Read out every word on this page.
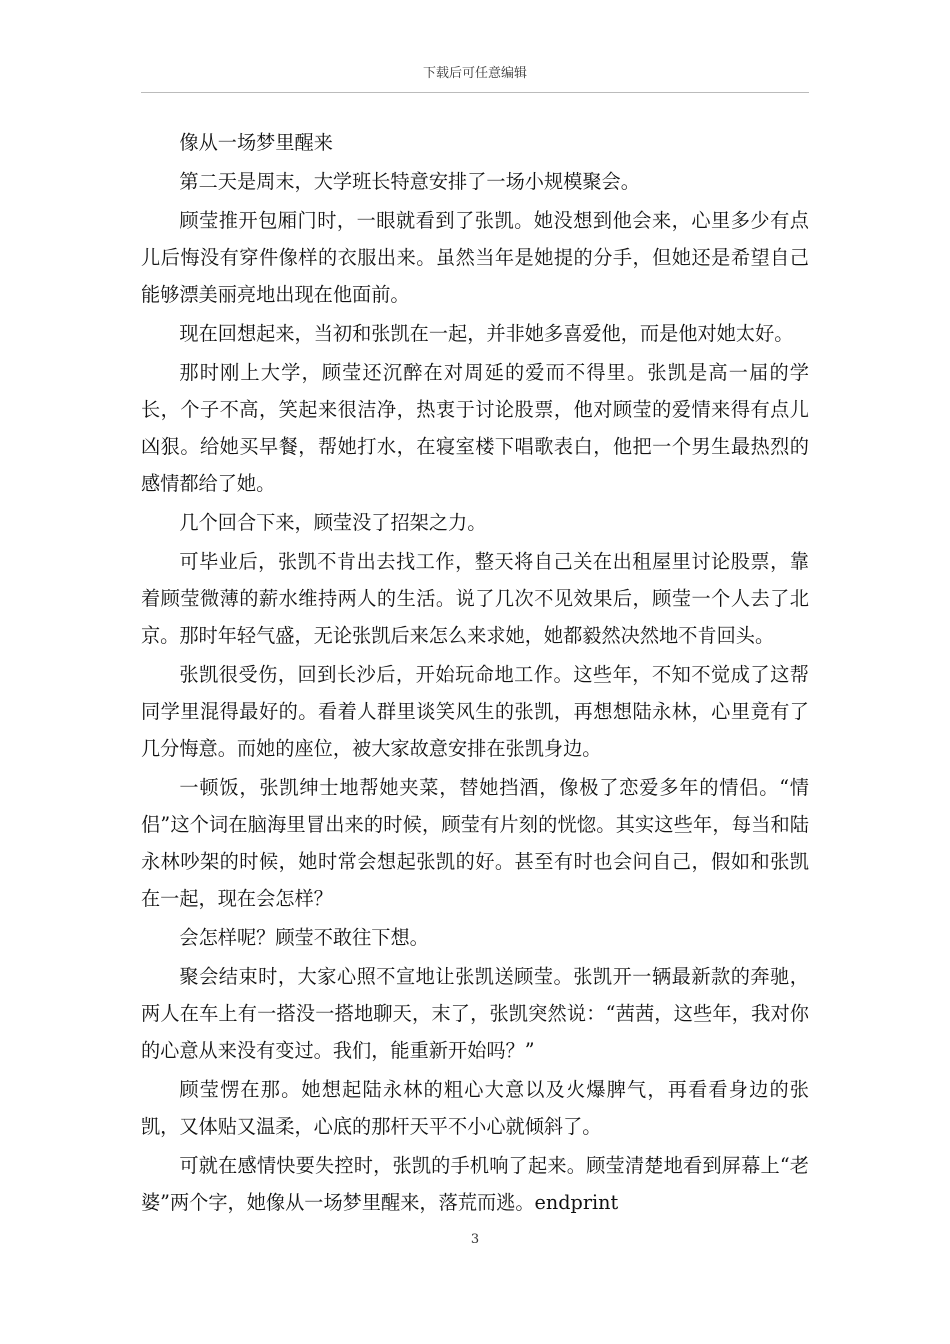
下载后可任意编辑

像从一场梦里醒来

第二天是周末，大学班长特意安排了一场小规模聚会。

顾莹推开包厢门时，一眼就看到了张凯。她没想到他会来，心里多少有点儿后悔没有穿件像样的衣服出来。虽然当年是她提的分手，但她还是希望自己能够漂美丽亮地出现在他面前。

现在回想起来，当初和张凯在一起，并非她多喜爱他，而是他对她太好。

那时刚上大学，顾莹还沉醉在对周延的爱而不得里。张凯是高一届的学长，个子不高，笑起来很洁净，热衷于讨论股票，他对顾莹的爱情来得有点儿凶狠。给她买早餐，帮她打水，在寝室楼下唱歌表白，他把一个男生最热烈的感情都给了她。

几个回合下来，顾莹没了招架之力。

可毕业后，张凯不肯出去找工作，整天将自己关在出租屋里讨论股票，靠着顾莹微薄的薪水维持两人的生活。说了几次不见效果后，顾莹一个人去了北京。那时年轻气盛，无论张凯后来怎么来求她，她都毅然决然地不肯回头。

张凯很受伤，回到长沙后，开始玩命地工作。这些年，不知不觉成了这帮同学里混得最好的。看着人群里谈笑风生的张凯，再想想陆永林，心里竟有了几分悔意。而她的座位，被大家故意安排在张凯身边。

一顿饭，张凯绅士地帮她夹菜，替她挡酒，像极了恋爱多年的情侣。“情侣”这个词在脑海里冒出来的时候，顾莹有片刻的恍惚。其实这些年，每当和陆永林吵架的时候，她时常会想起张凯的好。甚至有时也会问自己，假如和张凯在一起，现在会怎样？

会怎样呢？顾莹不敢往下想。

聚会结束时，大家心照不宣地让张凯送顾莹。张凯开一辆最新款的奔驰，两人在车上有一搭没一搭地聊天，末了，张凯突然说：“茜茜，这些年，我对你的心意从来没有变过。我们，能重新开始吗？”

顾莹愣在那。她想起陆永林的粗心大意以及火爆脾气，再看看身边的张凯，又体贴又温柔，心底的那杆天平不小心就倾斜了。

可就在感情快要失控时，张凯的手机响了起来。顾莹清楚地看到屏幕上“老婆”两个字，她像从一场梦里醒来，落荒而逃。endprint

3
